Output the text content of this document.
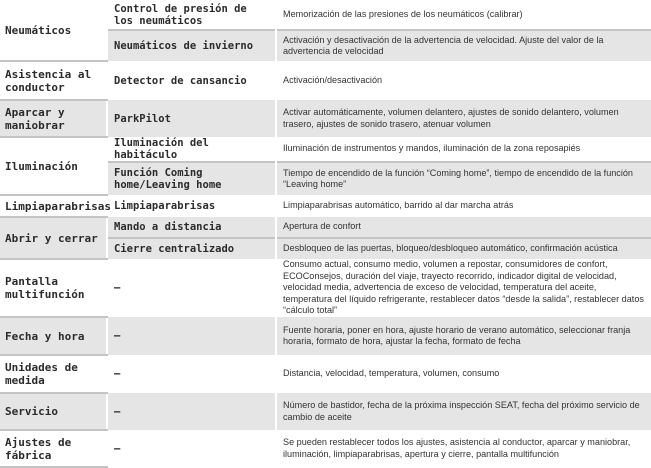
Neumáticos	Control de presión de los neumáticos	Memorización de las presiones de los neumáticos (calibrar)
	Neumáticos de invierno	Activación y desactivación de la advertencia de velocidad. Ajuste del valor de la advertencia de velocidad
Asistencia al conductor	Detector de cansancio	Activación/desactivación
Aparcar y maniobrar	ParkPilot	Activar automáticamente, volumen delantero, ajustes de sonido delantero, volumen trasero, ajustes de sonido trasero, atenuar volumen
Iluminación	Iluminación del habitáculo	Iluminación de instrumentos y mandos, iluminación de la zona reposapiés
	Función Coming home/Leaving home	Tiempo de encendido de la función “Coming home”, tiempo de encendido de la función “Leaving home”
Limpiaparabrisas	Limpiaparabrisas	Limpiaparabrisas automático, barrido al dar marcha atrás
Abrir y cerrar	Mando a distancia	Apertura de confort
	Cierre centralizado	Desbloqueo de las puertas, bloqueo/desbloqueo automático, confirmación acústica
Pantalla multifunción	–	Consumo actual, consumo medio, volumen a repostar, consumidores de confort, ECOConsejos, duración del viaje, trayecto recorrido, indicador digital de velocidad, velocidad media, advertencia de exceso de velocidad, temperatura del aceite, temperatura del líquido refrigerante, restablecer datos “desde la salida”, restablecer datos “cálculo total”
Fecha y hora	–	Fuente horaria, poner en hora, ajuste horario de verano automático, seleccionar franja horaria, formato de hora, ajustar la fecha, formato de fecha
Unidades de medida	–	Distancia, velocidad, temperatura, volumen, consumo
Servicio	–	Número de bastidor, fecha de la próxima inspección SEAT, fecha del próximo servicio de cambio de aceite
Ajustes de fábrica	–	Se pueden restablecer todos los ajustes, asistencia al conductor, aparcar y maniobrar, iluminación, limpiaparabrisas, apertura y cierre, pantalla multifunción
